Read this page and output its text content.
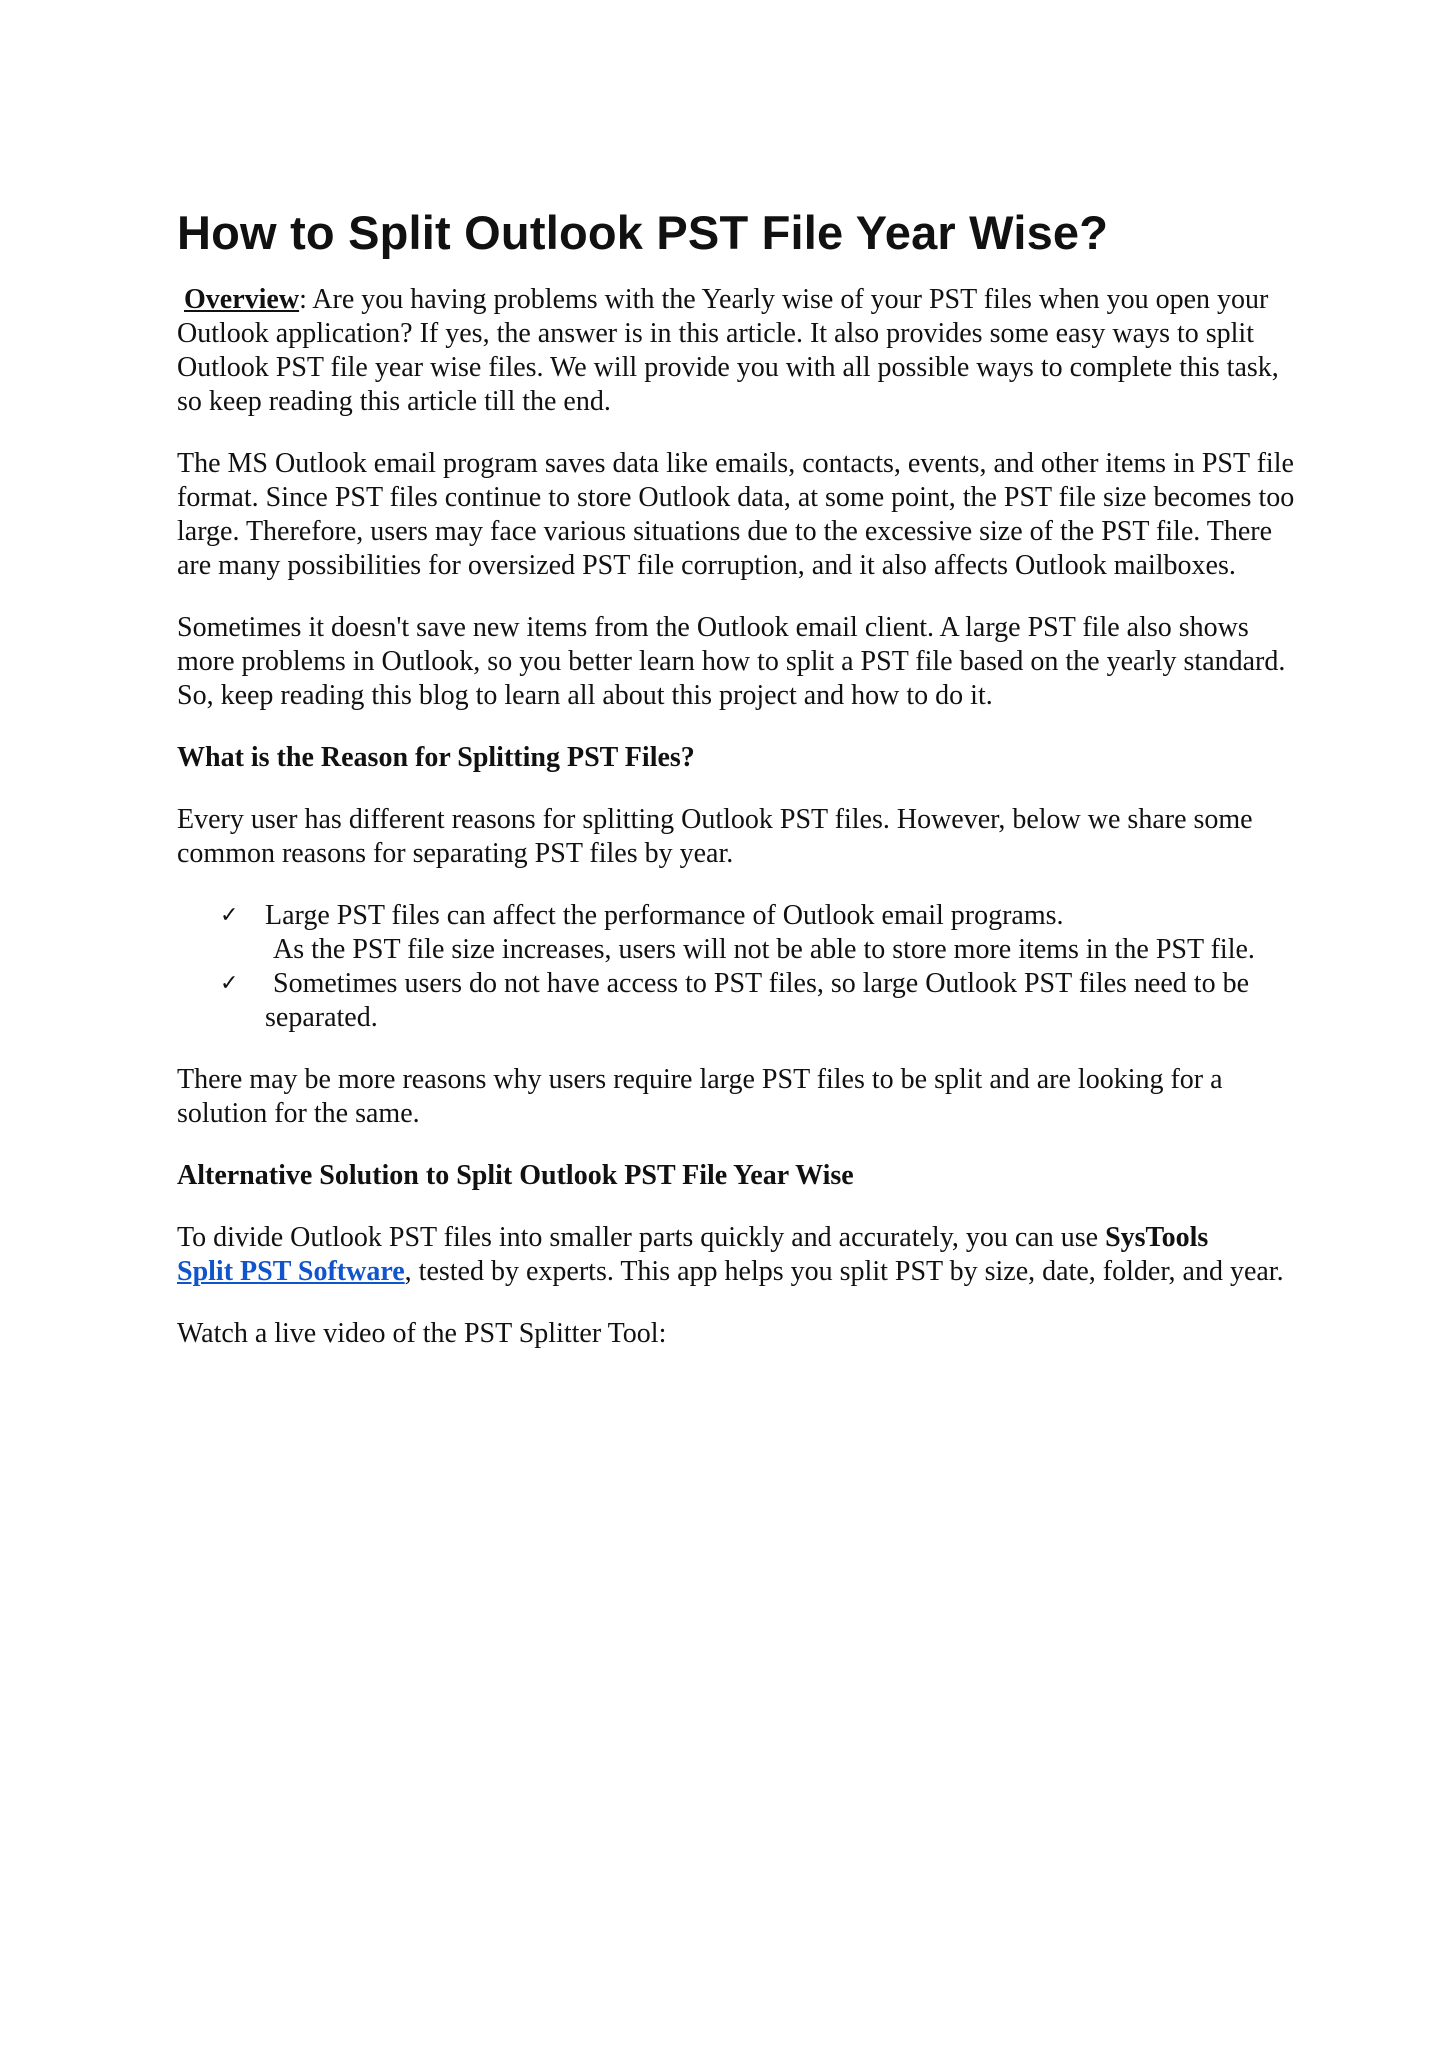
How to Split Outlook PST File Year Wise?

Overview: Are you having problems with the Yearly wise of your PST files when you open your Outlook application? If yes, the answer is in this article. It also provides some easy ways to split Outlook PST file year wise files. We will provide you with all possible ways to complete this task, so keep reading this article till the end.

The MS Outlook email program saves data like emails, contacts, events, and other items in PST file format. Since PST files continue to store Outlook data, at some point, the PST file size becomes too large. Therefore, users may face various situations due to the excessive size of the PST file. There are many possibilities for oversized PST file corruption, and it also affects Outlook mailboxes.

Sometimes it doesn't save new items from the Outlook email client. A large PST file also shows more problems in Outlook, so you better learn how to split a PST file based on the yearly standard. So, keep reading this blog to learn all about this project and how to do it.

What is the Reason for Splitting PST Files?

Every user has different reasons for splitting Outlook PST files. However, below we share some common reasons for separating PST files by year.

✓ Large PST files can affect the performance of Outlook email programs.
As the PST file size increases, users will not be able to store more items in the PST file.
✓ Sometimes users do not have access to PST files, so large Outlook PST files need to be separated.

There may be more reasons why users require large PST files to be split and are looking for a solution for the same.

Alternative Solution to Split Outlook PST File Year Wise

To divide Outlook PST files into smaller parts quickly and accurately, you can use SysTools
Split PST Software, tested by experts. This app helps you split PST by size, date, folder, and year.

Watch a live video of the PST Splitter Tool:
